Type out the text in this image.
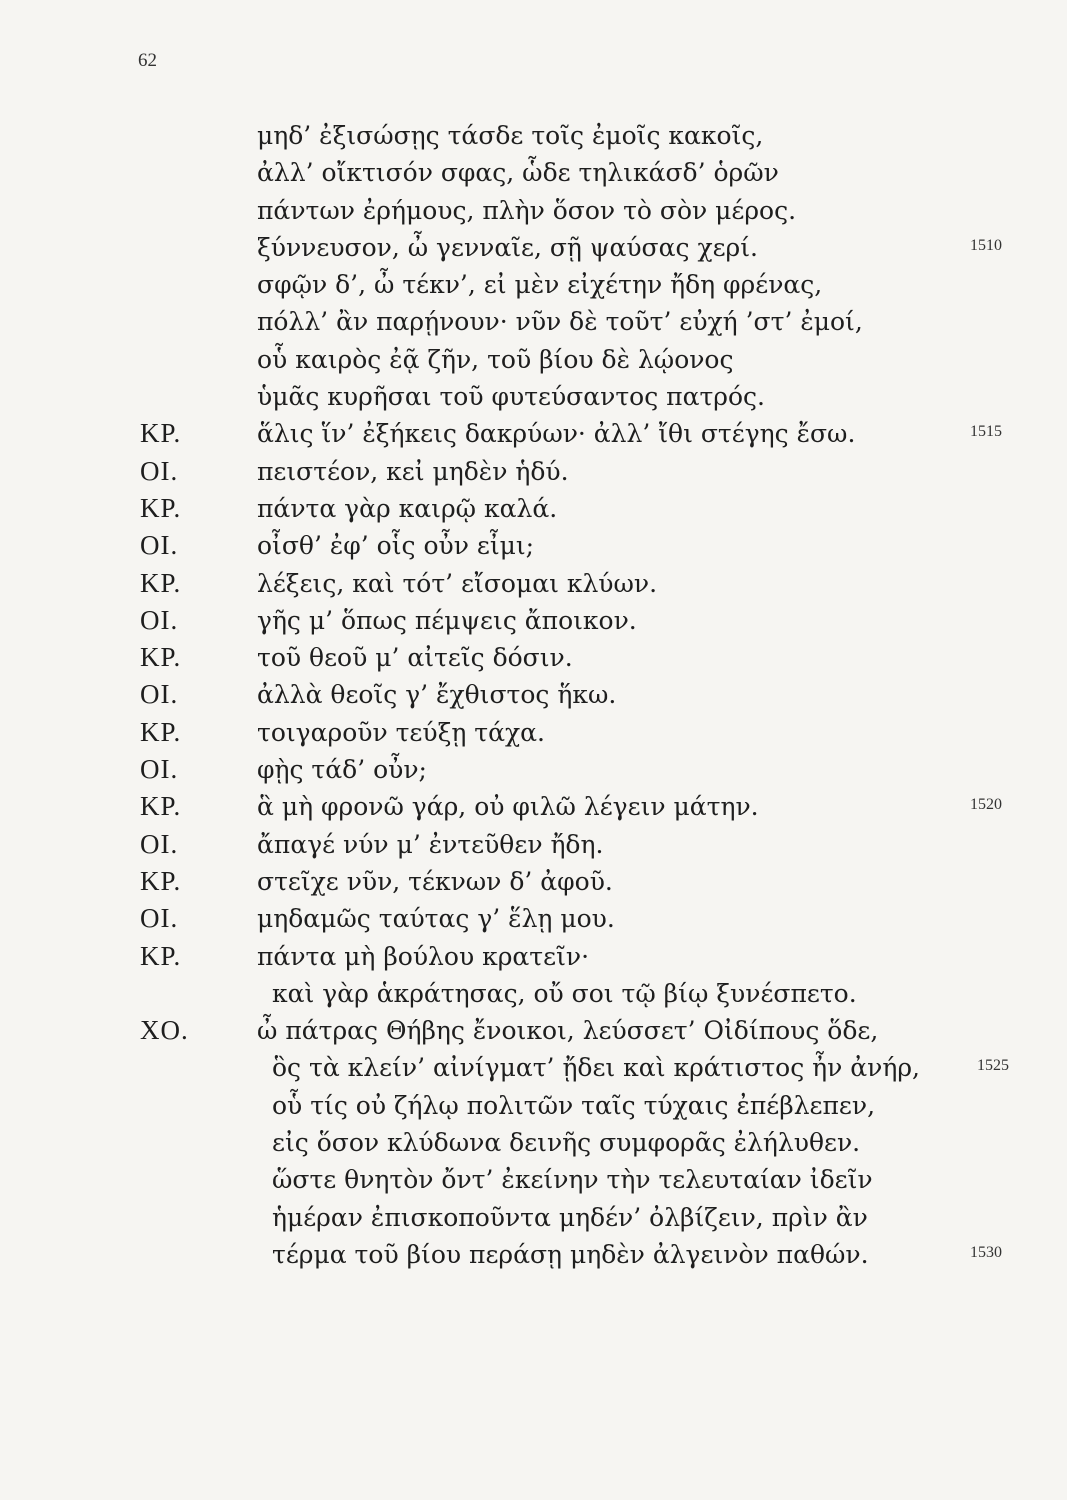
62
μηδ’ ἐξισώσῃς τάσδε τοῖς ἐμοῖς κακοῖς,
ἀλλ’ οἴκτισόν σφας, ὧδε τηλικάσδ’ ὁρῶν
πάντων ἐρήμους, πλὴν ὅσον τὸ σὸν μέρος.
ξύννευσον, ὦ γενναῖε, σῇ ψαύσας χερί.	1510
σφῷν δ’, ὦ τέκν’, εἰ μὲν εἰχέτην ἤδη φρένας,
πόλλ’ ἂν παρῄνουν· νῦν δὲ τοῦτ’ εὐχή ’στ’ ἐμοί,
οὗ καιρὸς ἐᾷ ζῆν, τοῦ βίου δὲ λῴονος
ὑμᾶς κυρῆσαι τοῦ φυτεύσαντος πατρός.
ΚΡ.	ἅλις ἵν’ ἐξήκεις δακρύων· ἀλλ’ ἴθι στέγης ἔσω.	1515
ΟΙ.	πειστέον, κεἰ μηδὲν ἡδύ.
ΚΡ.	πάντα γὰρ καιρῷ καλά.
ΟΙ.	οἶσθ’ ἐφ’ οἷς οὖν εἶμι;
ΚΡ.	λέξεις, καὶ τότ’ εἴσομαι κλύων.
ΟΙ.	γῆς μ’ ὅπως πέμψεις ἄποικον.
ΚΡ.	τοῦ θεοῦ μ’ αἰτεῖς δόσιν.
ΟΙ.	ἀλλὰ θεοῖς γ’ ἔχθιστος ἥκω.
ΚΡ.	τοιγαροῦν τεύξῃ τάχα.
ΟΙ.	φῂς τάδ’ οὖν;
ΚΡ.	ἃ μὴ φρονῶ γάρ, οὐ φιλῶ λέγειν μάτην.	1520
ΟΙ.	ἄπαγέ νύν μ’ ἐντεῦθεν ἤδη.
ΚΡ.	στεῖχε νῦν, τέκνων δ’ ἀφοῦ.
ΟΙ.	μηδαμῶς ταύτας γ’ ἕλῃ μου.
ΚΡ.	πάντα μὴ βούλου κρατεῖν·
καὶ γὰρ ἁκράτησας, οὔ σοι τῷ βίῳ ξυνέσπετο.
ΧΟ.	ὦ πάτρας Θήβης ἔνοικοι, λεύσσετ’ Οἰδίπους ὅδε,
ὃς τὰ κλείν’ αἰνίγματ’ ᾔδει καὶ κράτιστος ἦν ἀνήρ,	1525
οὗ τίς οὐ ζήλῳ πολιτῶν ταῖς τύχαις ἐπέβλεπεν,
εἰς ὅσον κλύδωνα δεινῆς συμφορᾶς ἐλήλυθεν.
ὥστε θνητὸν ὄντ’ ἐκείνην τὴν τελευταίαν ἰδεῖν
ἡμέραν ἐπισκοποῦντα μηδέν’ ὀλβίζειν, πρὶν ἂν
τέρμα τοῦ βίου περάσῃ μηδὲν ἀλγεινὸν παθών.	1530
